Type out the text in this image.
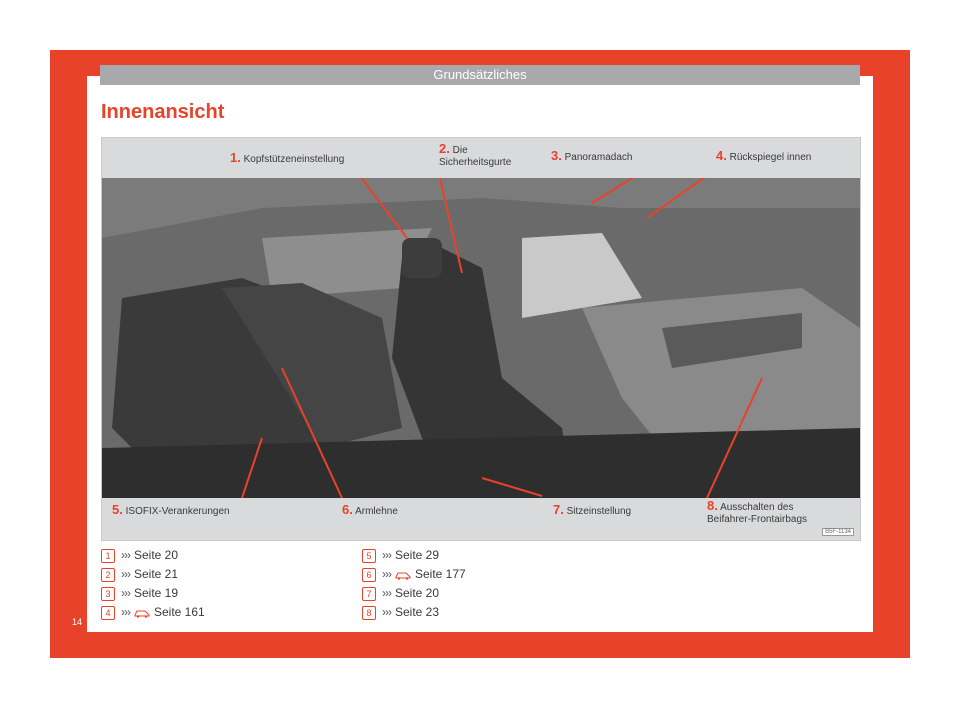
Grundsätzliches
Innenansicht
1. Kopfstützeneinstellung
2. Die
Sicherheitsgurte	3. Panoramadach	4. Rückspiegel innen
5. ISOFIX-Verankerungen	6. Armlehne	7. Sitzeinstellung	8. Ausschalten des
Beifahrer-Frontairbags
B5F-1134
1 ››› Seite 20
2 ››› Seite 21
3 ››› Seite 19
4 ››› Seite 161
5 ››› Seite 29
6 ››› Seite 177
7 ››› Seite 20
8 ››› Seite 23
14
